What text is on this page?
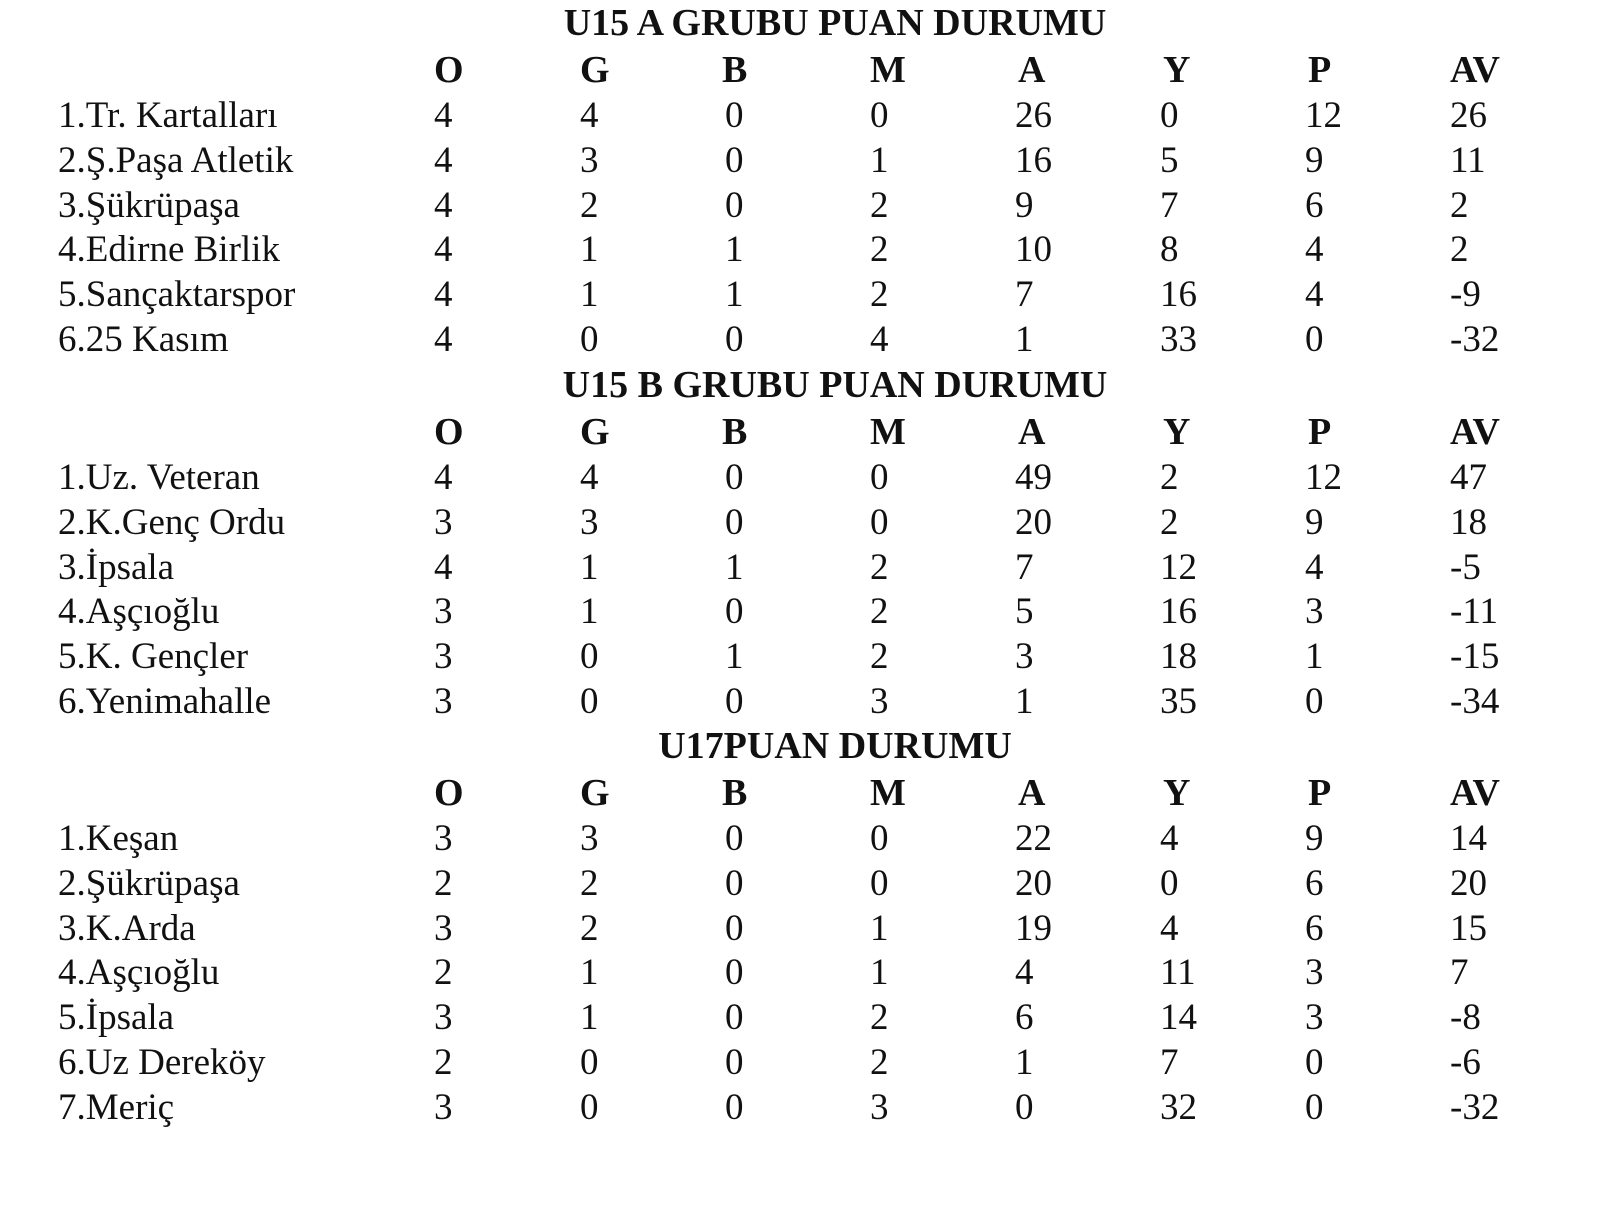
U15 A GRUBU PUAN DURUMU
O	G	B	M	A	Y	P	AV
1.Tr. Kartalları	4	4	0	0	26	0	12	26
2.Ş.Paşa Atletik	4	3	0	1	16	5	9	11
3.Şükrüpaşa	4	2	0	2	9	7	6	2
4.Edirne Birlik	4	1	1	2	10	8	4	2
5.Sançaktarspor	4	1	1	2	7	16	4	-9
6.25 Kasım	4	0	0	4	1	33	0	-32
U15 B GRUBU PUAN DURUMU
O	G	B	M	A	Y	P	AV
1.Uz. Veteran	4	4	0	0	49	2	12	47
2.K.Genç Ordu	3	3	0	0	20	2	9	18
3.İpsala	4	1	1	2	7	12	4	-5
4.Aşçıoğlu	3	1	0	2	5	16	3	-11
5.K. Gençler	3	0	1	2	3	18	1	-15
6.Yenimahalle	3	0	0	3	1	35	0	-34
U17PUAN DURUMU
O	G	B	M	A	Y	P	AV
1.Keşan	3	3	0	0	22	4	9	14
2.Şükrüpaşa	2	2	0	0	20	0	6	20
3.K.Arda	3	2	0	1	19	4	6	15
4.Aşçıoğlu	2	1	0	1	4	11	3	7
5.İpsala	3	1	0	2	6	14	3	-8
6.Uz Dereköy	2	0	0	2	1	7	0	-6
7.Meriç	3	0	0	3	0	32	0	-32
